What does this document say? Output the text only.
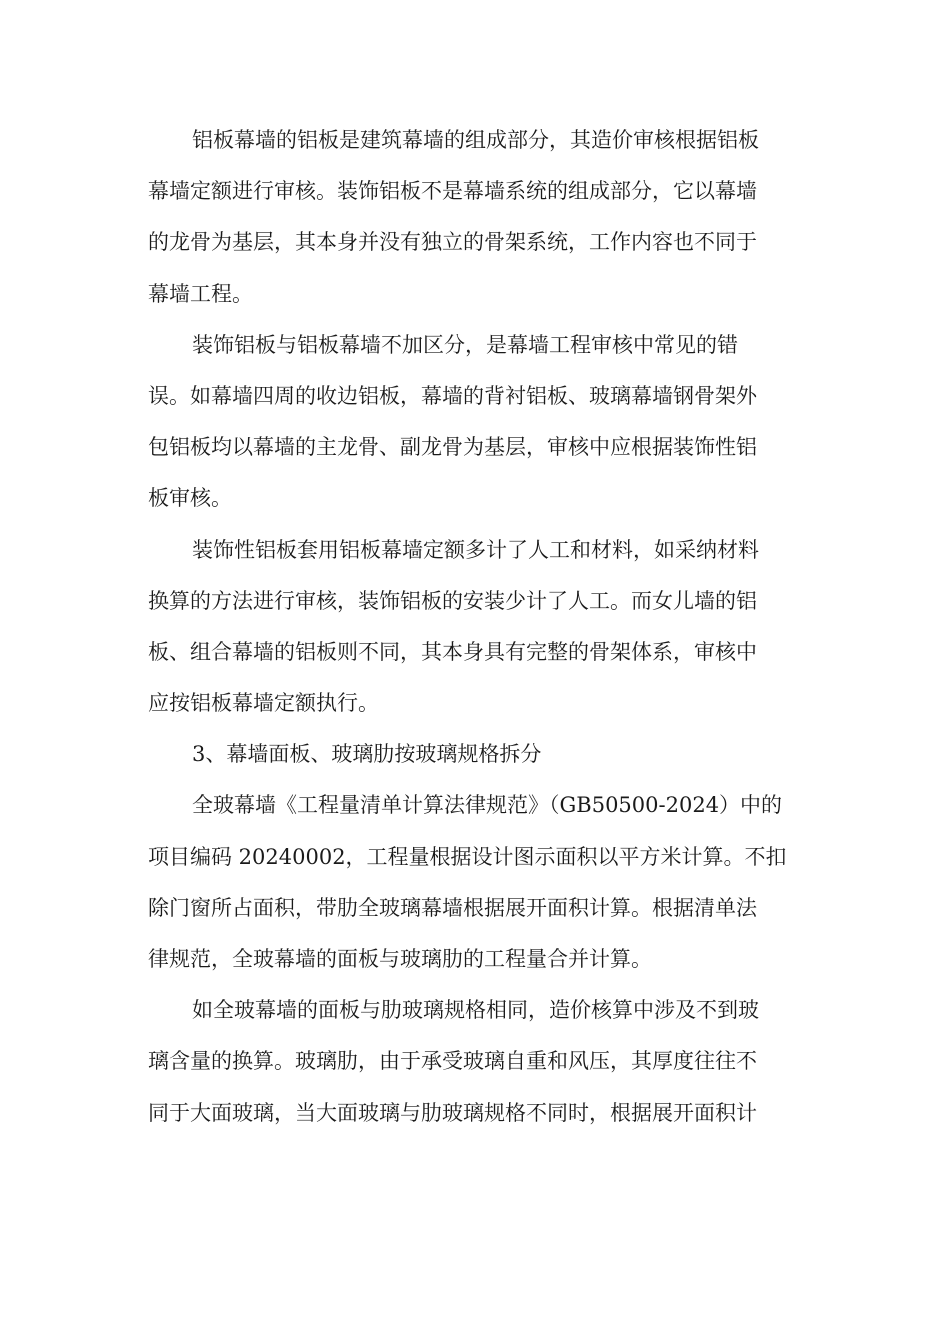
铝板幕墙的铝板是建筑幕墙的组成部分，其造价审核根据铝板
幕墙定额进行审核。装饰铝板不是幕墙系统的组成部分，它以幕墙
的龙骨为基层，其本身并没有独立的骨架系统，工作内容也不同于
幕墙工程。
装饰铝板与铝板幕墙不加区分，是幕墙工程审核中常见的错
误。如幕墙四周的收边铝板，幕墙的背衬铝板、玻璃幕墙钢骨架外
包铝板均以幕墙的主龙骨、副龙骨为基层，审核中应根据装饰性铝
板审核。
装饰性铝板套用铝板幕墙定额多计了人工和材料，如采纳材料
换算的方法进行审核，装饰铝板的安装少计了人工。而女儿墙的铝
板、组合幕墙的铝板则不同，其本身具有完整的骨架体系，审核中
应按铝板幕墙定额执行。
3、幕墙面板、玻璃肋按玻璃规格拆分
全玻幕墙《工程量清单计算法律规范》（GB50500-2024）中的
项目编码 20240002，工程量根据设计图示面积以平方米计算。不扣
除门窗所占面积，带肋全玻璃幕墙根据展开面积计算。根据清单法
律规范，全玻幕墙的面板与玻璃肋的工程量合并计算。
如全玻幕墙的面板与肋玻璃规格相同，造价核算中涉及不到玻
璃含量的换算。玻璃肋，由于承受玻璃自重和风压，其厚度往往不
同于大面玻璃，当大面玻璃与肋玻璃规格不同时，根据展开面积计
